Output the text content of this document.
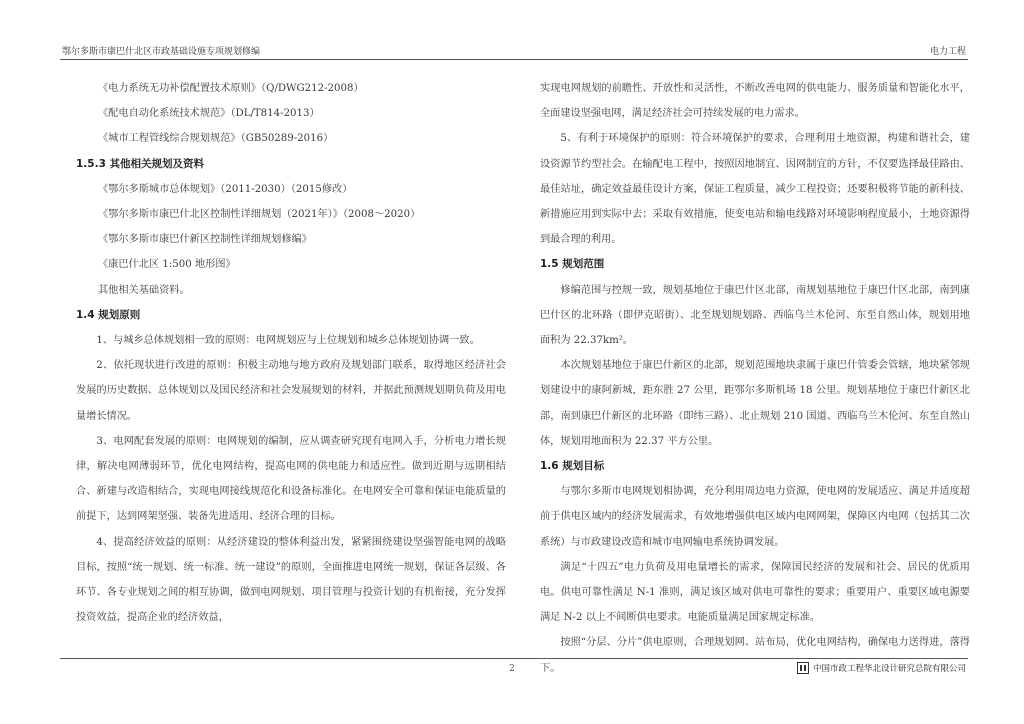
鄂尔多斯市康巴什北区市政基础设施专项规划修编	电力工程

《电力系统无功补偿配置技术原则》（Q/DWG212-2008）

《配电自动化系统技术规范》（DL/T814-2013）

《城市工程管线综合规划规范》（GB50289-2016）

1.5.3 其他相关规划及资料

《鄂尔多斯城市总体规划》（2011-2030）（2015修改）

《鄂尔多斯市康巴什北区控制性详细规划（2021年）》（2008～2020）

《鄂尔多斯市康巴什新区控制性详细规划修编》

《康巴什北区 1:500 地形图》

其他相关基础资料。

1.4 规划原则

1、与城乡总体规划相一致的原则：电网规划应与上位规划和城乡总体规划协调一致。

2、依托现状进行改进的原则：积极主动地与地方政府及规划部门联系，取得地区经济社会发展的历史数据、总体规划以及国民经济和社会发展规划的材料，并据此预测规划期负荷及用电量增长情况。

3、电网配套发展的原则：电网规划的编制，应从调查研究现有电网入手，分析电力增长规律，解决电网薄弱环节，优化电网结构，提高电网的供电能力和适应性。做到近期与远期相结合、新建与改造相结合，实现电网接线规范化和设备标准化。在电网安全可靠和保证电能质量的前提下，达到网架坚强、装备先进适用、经济合理的目标。

4、提高经济效益的原则：从经济建设的整体利益出发，紧紧围绕建设坚强智能电网的战略目标，按照“统一规划、统一标准、统一建设”的原则，全面推进电网统一规划，保证各层级、各环节、各专业规划之间的相互协调，做到电网规划、项目管理与投资计划的有机衔接，充分发挥投资效益，提高企业的经济效益，

实现电网规划的前瞻性、开放性和灵活性，不断改善电网的供电能力、服务质量和智能化水平，全面建设坚强电网，满足经济社会可持续发展的电力需求。

5、有利于环境保护的原则：符合环境保护的要求，合理利用土地资源，构建和谐社会，建设资源节约型社会。在输配电工程中，按照因地制宜、因网制宜的方针，不仅要选择最佳路由、最佳站址，确定效益最佳设计方案，保证工程质量，减少工程投资；还要积极将节能的新科技、新措施应用到实际中去；采取有效措施，使变电站和输电线路对环境影响程度最小，土地资源得到最合理的利用。

1.5 规划范围

修编范围与控规一致，规划基地位于康巴什区北部，南规划基地位于康巴什区北部，南到康巴什区的北环路（即伊克昭街）、北至规划规划路、西临乌兰木伦河、东至自然山体，规划用地面积为 22.37km²。

本次规划基地位于康巴什新区的北部，规划范围地块隶属于康巴什管委会管辖，地块紧邻规划建设中的康阿新城，距东胜 27 公里，距鄂尔多斯机场 18 公里。规划基地位于康巴什新区北部，南到康巴什新区的北环路（即纬三路）、北止规划 210 国道、西临乌兰木伦河、东至自然山体，规划用地面积为 22.37 平方公里。

1.6 规划目标

与鄂尔多斯市电网规划相协调，充分利用周边电力资源，使电网的发展适应、满足并适度超前于供电区域内的经济发展需求，有效地增强供电区域内电网网架，保障区内电网（包括其二次系统）与市政建设改造和城市电网输电系统协调发展。

满足“十四五”电力负荷及用电量增长的需求，保障国民经济的发展和社会、居民的优质用电。供电可靠性满足 N-1 准则，满足该区域对供电可靠性的要求；重要用户、重要区域电源要满足 N-2 以上不间断供电要求。电能质量满足国家规定标准。

按照“分层、分片”供电原则，合理规划网、站布局，优化电网结构，确保电力送得进，落得下。

2	中国市政工程华北设计研究总院有限公司
